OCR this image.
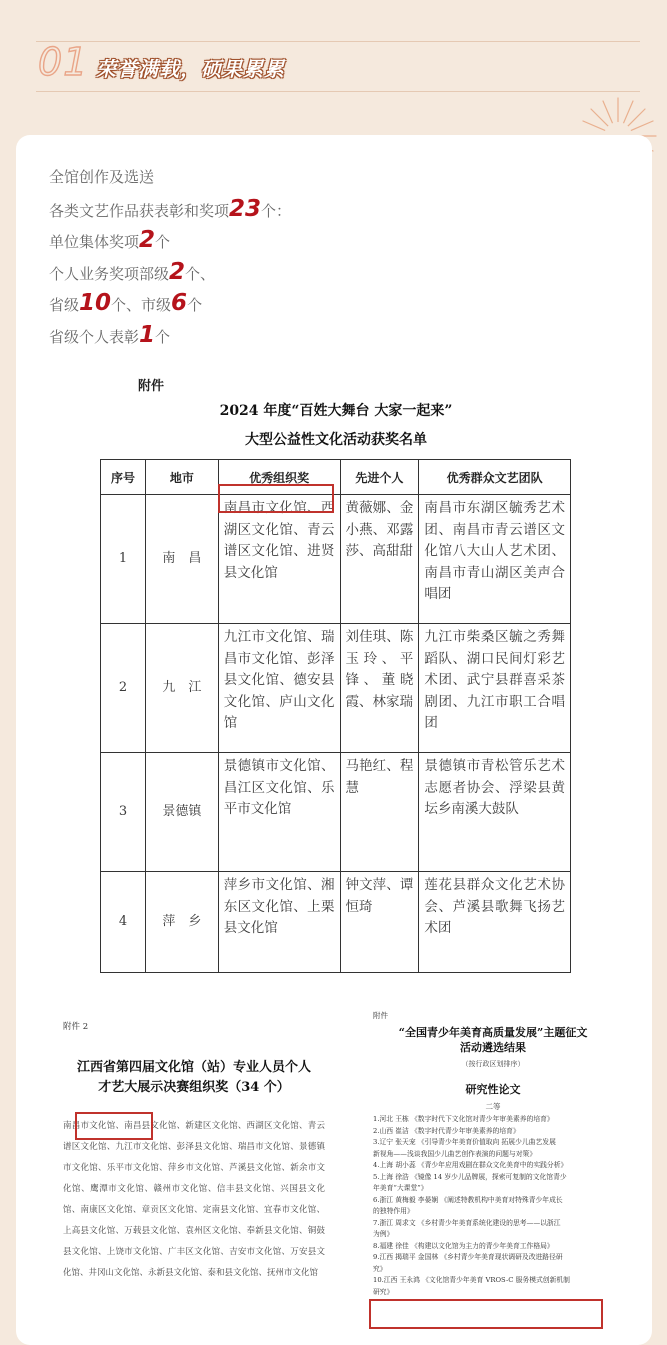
01 荣誉满载，硕果累累
全馆创作及选送
各类文艺作品获表彰和奖项23个：
单位集体奖项2个
个人业务奖项部级2个、
省级10个、市级6个
省级个人表彰1个
附件
2024 年度“百姓大舞台 大家一起来”
大型公益性文化活动获奖名单
序号	地市	优秀组织奖	先进个人	优秀群众文艺团队
1	南　昌	南昌市文化馆、西湖区文化馆、青云谱区文化馆、进贤县文化馆	黄薇娜、金小燕、邓露莎、高甜甜	南昌市东湖区毓秀艺术团、南昌市青云谱区文化馆八大山人艺术团、南昌市青山湖区美声合唱团
2	九　江	九江市文化馆、瑞昌市文化馆、彭泽县文化馆、德安县文化馆、庐山文化馆	刘佳琪、陈玉玲、平锋、董晓霞、林家瑞	九江市柴桑区毓之秀舞蹈队、湖口民间灯彩艺术团、武宁县群喜采茶剧团、九江市职工合唱团
3	景德镇	景德镇市文化馆、昌江区文化馆、乐平市文化馆	马艳红、程慧	景德镇市青松管乐艺术志愿者协会、浮梁县黄坛乡南溪大鼓队
4	萍　乡	萍乡市文化馆、湘东区文化馆、上栗县文化馆	钟文萍、谭恒琦	莲花县群众文化艺术协会、芦溪县歌舞飞扬艺术团
附件 2
江西省第四届文化馆（站）专业人员个人
才艺大展示决赛组织奖（34 个）
南昌市文化馆、南昌县文化馆、新建区文化馆、西湖区文化馆、青云谱区文化馆、九江市文化馆、彭泽县文化馆、瑞昌市文化馆、景德镇市文化馆、乐平市文化馆、萍乡市文化馆、芦溪县文化馆、新余市文化馆、鹰潭市文化馆、赣州市文化馆、信丰县文化馆、兴国县文化馆、南康区文化馆、章贡区文化馆、定南县文化馆、宜春市文化馆、上高县文化馆、万载县文化馆、袁州区文化馆、奉新县文化馆、铜鼓县文化馆、上饶市文化馆、广丰区文化馆、吉安市文化馆、万安县文化馆、井冈山文化馆、永新县文化馆、泰和县文化馆、抚州市文化馆
附件
“全国青少年美育高质量发展”主题征文
活动遴选结果
（按行政区划排序）
研究性论文
二等
1.河北 王栋 《数字时代下文化馆对青少年审美素养的培育》
2.山西 崔洁 《数字时代青少年审美素养的培育》
3.辽宁 张天宠 《引导青少年美育价值取向 拓展少儿曲艺发展
新视角——浅谈我国少儿曲艺创作表演的问题与对策》
4.上海 胡小蕊 《青少年应用戏剧在群众文化美育中的实践分析》
5.上海 徐浩 《镜像 14 岁少儿品牌展，探索可复制的文化馆青少
年美育“大课堂”》
6.浙江 黄梅毅 李晏娴 《阐述特教机构中美育对特殊青少年成长
的独特作用》
7.浙江 周求文 《乡村青少年美育系统化建设的思考——以浙江
为例》
8.福建 徐佳 《构建以文化馆为主力的青少年美育工作格局》
9.江西 揭瑞平 金国林 《乡村青少年美育现状调研及改进路径研
究》
10.江西 王永鸿 《文化馆青少年美育 VROS-C 服务模式创新机制
研究》
